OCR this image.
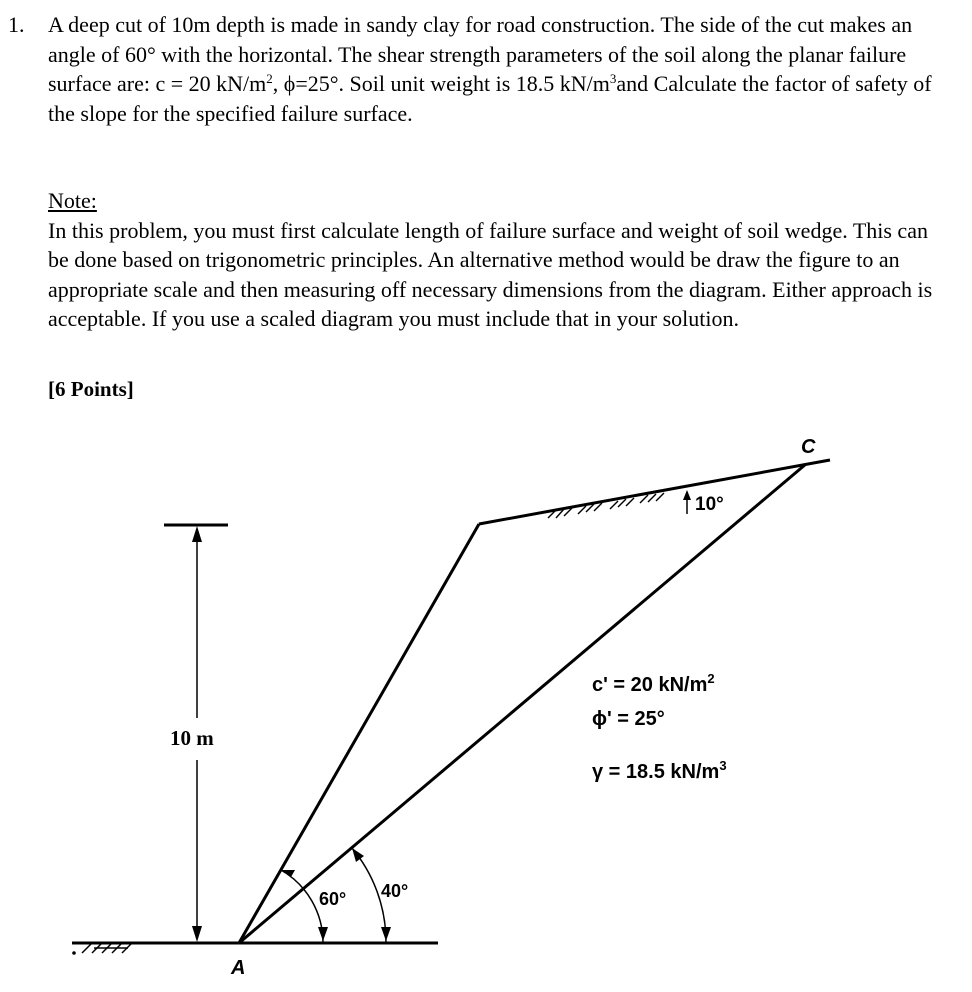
1. A deep cut of 10m depth is made in sandy clay for road construction. The side of the cut makes an angle of 60° with the horizontal. The shear strength parameters of the soil along the planar failure surface are: c = 20 $kN/m^2$, ϕ=25°. Soil unit weight is 18.5 $kN/m^3and$ Calculate the factor of safety of the slope for the specified failure surface.
Note:
In this problem, you must first calculate length of failure surface and weight of soil wedge. This can be done based on trigonometric principles. An alternative method would be draw the figure to an appropriate scale and then measuring off necessary dimensions from the diagram. Either approach is acceptable. If you use a scaled diagram you must include that in your solution.
[6 Points]
10 m
10°
C
A
60° 40°
c' = 20 $kN/m^2$
ϕ' = 25°
γ = 18.5 $kN/m^3$
